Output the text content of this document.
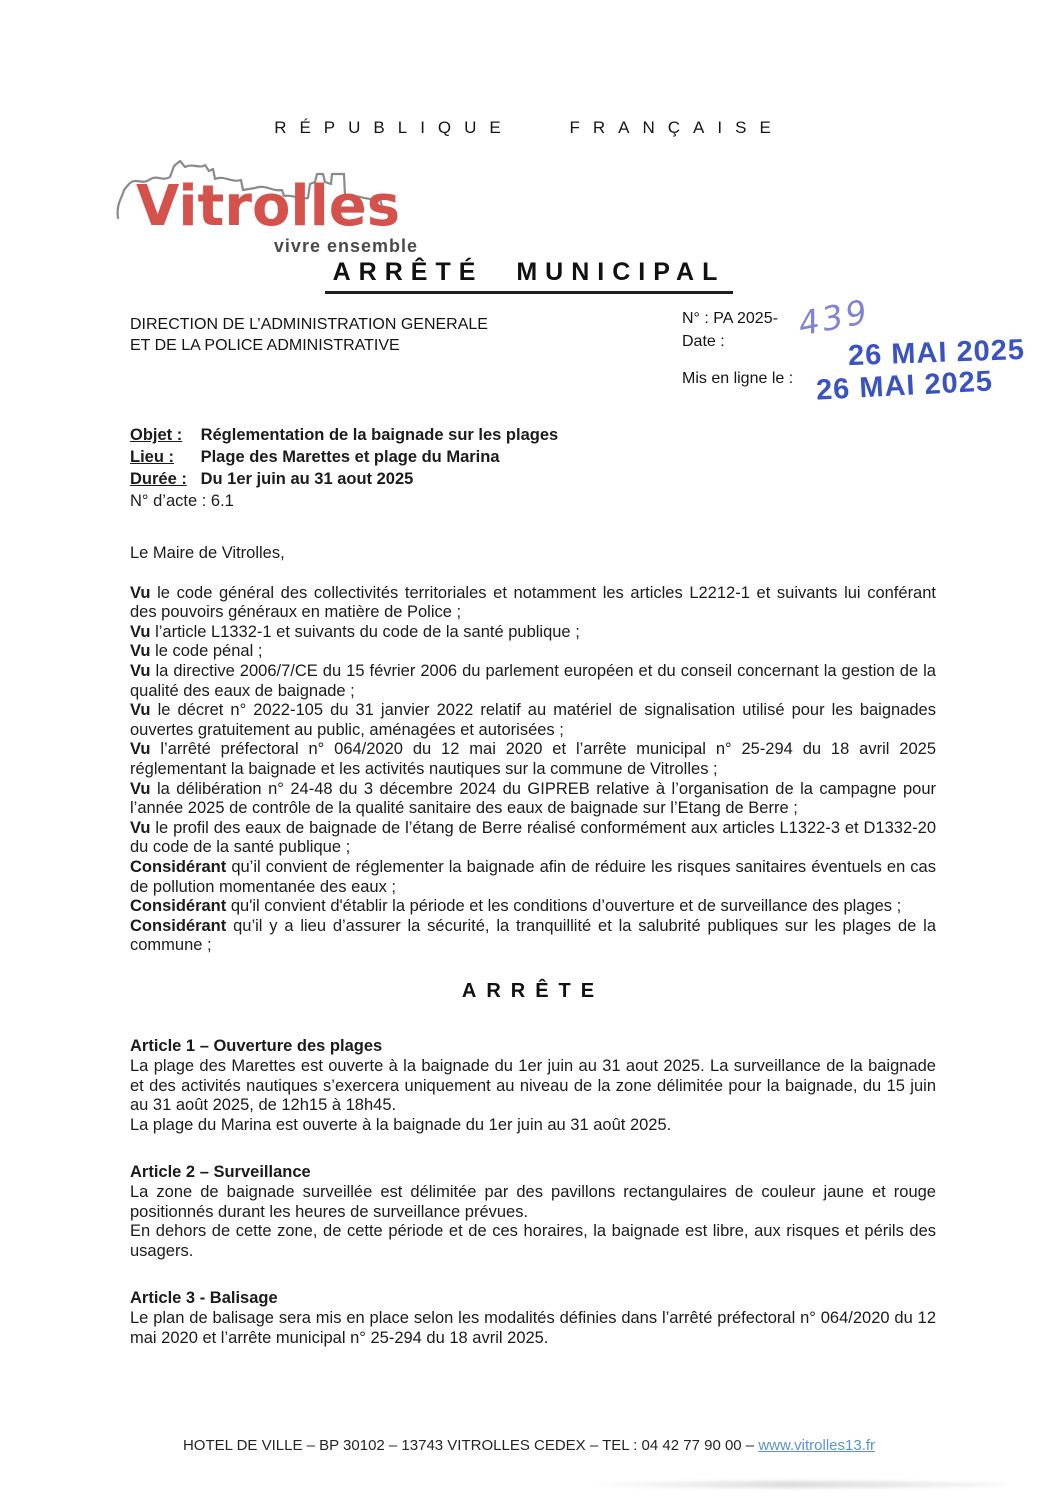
RÉPUBLIQUE FRANÇAISE
Vitrolles
vivre ensemble
ARRÊTÉ MUNICIPAL
DIRECTION DE L’ADMINISTRATION GENERALE
ET DE LA POLICE ADMINISTRATIVE
N° : PA 2025- 439
Date :	26 MAI 2025
Mis en ligne le : 26 MAI 2025
Objet : Réglementation de la baignade sur les plages
Lieu : Plage des Marettes et plage du Marina
Durée : Du 1er juin au 31 aout 2025
N° d’acte : 6.1

Le Maire de Vitrolles,

Vu le code général des collectivités territoriales et notamment les articles L2212-1 et suivants lui conférant des pouvoirs généraux en matière de Police ;

Vu l’article L1332-1 et suivants du code de la santé publique ;

Vu le code pénal ;

Vu la directive 2006/7/CE du 15 février 2006 du parlement européen et du conseil concernant la gestion de la qualité des eaux de baignade ;

Vu le décret n° 2022-105 du 31 janvier 2022 relatif au matériel de signalisation utilisé pour les baignades ouvertes gratuitement au public, aménagées et autorisées ;

Vu l’arrêté préfectoral n° 064/2020 du 12 mai 2020 et l’arrête municipal n° 25-294 du 18 avril 2025 réglementant la baignade et les activités nautiques sur la commune de Vitrolles ;

Vu la délibération n° 24-48 du 3 décembre 2024 du GIPREB relative à l’organisation de la campagne pour l’année 2025 de contrôle de la qualité sanitaire des eaux de baignade sur l’Etang de Berre ;

Vu le profil des eaux de baignade de l’étang de Berre réalisé conformément aux articles L1322-3 et D1332-20 du code de la santé publique ;

Considérant qu’il convient de réglementer la baignade afin de réduire les risques sanitaires éventuels en cas de pollution momentanée des eaux ;

Considérant qu'il convient d'établir la période et les conditions d’ouverture et de surveillance des plages ;

Considérant qu’il y a lieu d’assurer la sécurité, la tranquillité et la salubrité publiques sur les plages de la commune ;

ARRÊTE

Article 1 – Ouverture des plages

La plage des Marettes est ouverte à la baignade du 1er juin au 31 aout 2025. La surveillance de la baignade et des activités nautiques s’exercera uniquement au niveau de la zone délimitée pour la baignade, du 15 juin au 31 août 2025, de 12h15 à 18h45.

La plage du Marina est ouverte à la baignade du 1er juin au 31 août 2025.

Article 2 – Surveillance

La zone de baignade surveillée est délimitée par des pavillons rectangulaires de couleur jaune et rouge positionnés durant les heures de surveillance prévues.

En dehors de cette zone, de cette période et de ces horaires, la baignade est libre, aux risques et périls des usagers.

Article 3 - Balisage

Le plan de balisage sera mis en place selon les modalités définies dans l’arrêté préfectoral n° 064/2020 du 12 mai 2020 et l’arrête municipal n° 25-294 du 18 avril 2025.

HOTEL DE VILLE – BP 30102 – 13743 VITROLLES CEDEX – TEL : 04 42 77 90 00 – www.vitrolles13.fr
